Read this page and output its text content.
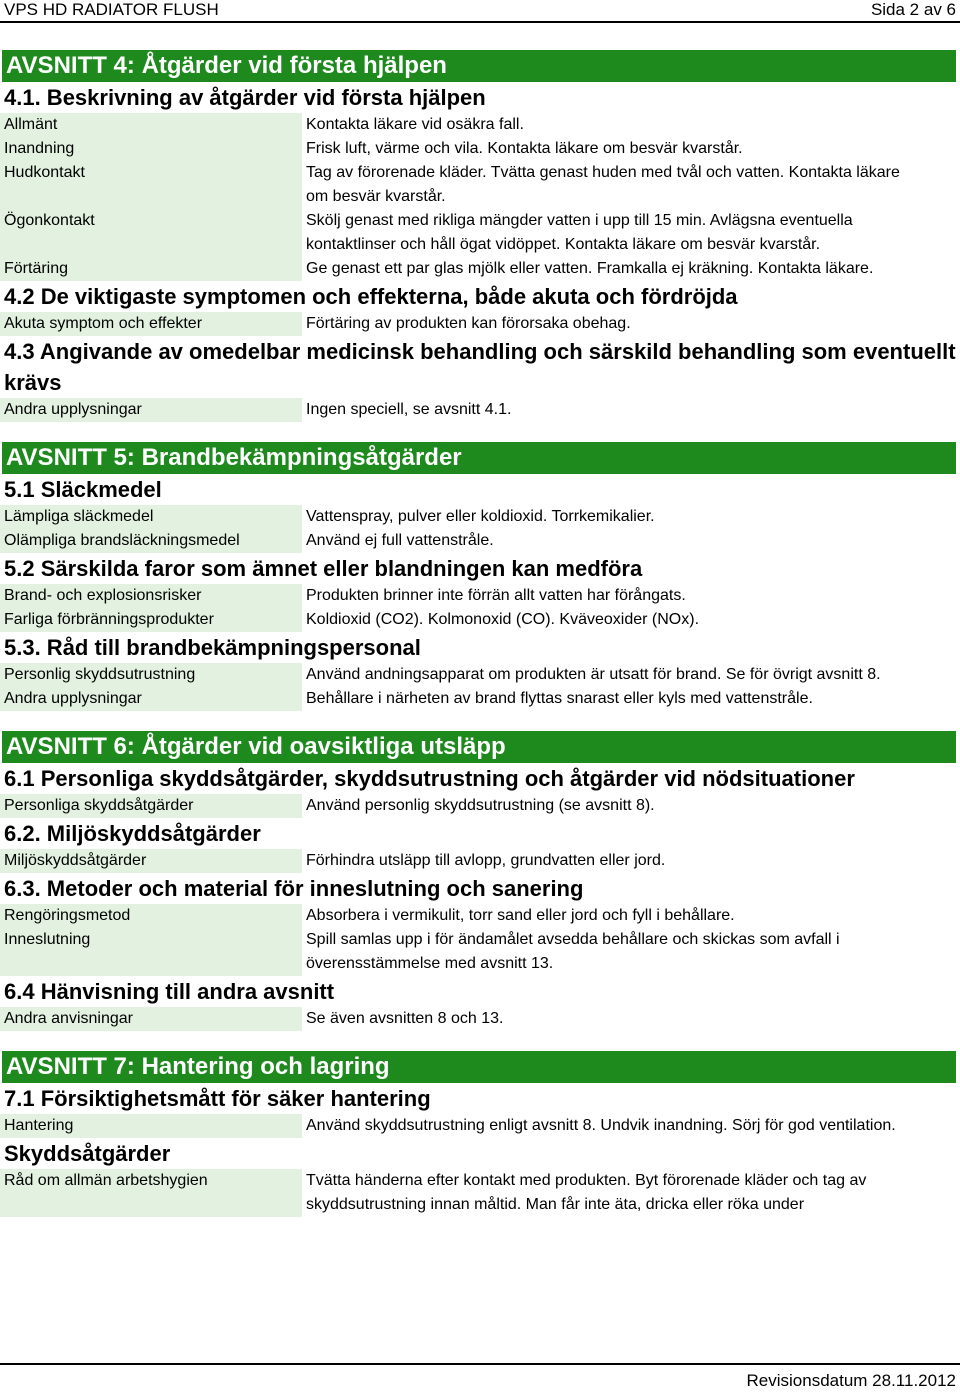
VPS HD RADIATOR FLUSH	Sida 2 av 6
AVSNITT 4: Åtgärder vid första hjälpen
4.1. Beskrivning av åtgärder vid första hjälpen
Allmänt	Kontakta läkare vid osäkra fall.
Inandning	Frisk luft, värme och vila. Kontakta läkare om besvär kvarstår.
Hudkontakt	Tag av förorenade kläder. Tvätta genast huden med tvål och vatten. Kontakta läkare om besvär kvarstår.
Ögonkontakt	Skölj genast med rikliga mängder vatten i upp till 15 min. Avlägsna eventuella kontaktlinser och håll ögat vidöppet. Kontakta läkare om besvär kvarstår.
Förtäring	Ge genast ett par glas mjölk eller vatten. Framkalla ej kräkning. Kontakta läkare.
4.2 De viktigaste symptomen och effekterna, både akuta och fördröjda
Akuta symptom och effekter	Förtäring av produkten kan förorsaka obehag.
4.3 Angivande av omedelbar medicinsk behandling och särskild behandling som eventuellt krävs
Andra upplysningar	Ingen speciell, se avsnitt 4.1.
AVSNITT 5: Brandbekämpningsåtgärder
5.1 Släckmedel
Lämpliga släckmedel	Vattenspray, pulver eller koldioxid. Torrkemikalier.
Olämpliga brandsläckningsmedel	Använd ej full vattenstråle.
5.2 Särskilda faror som ämnet eller blandningen kan medföra
Brand- och explosionsrisker	Produkten brinner inte förrän allt vatten har förångats.
Farliga förbränningsprodukter	Koldioxid (CO2). Kolmonoxid (CO). Kväveoxider (NOx).
5.3. Råd till brandbekämpningspersonal
Personlig skyddsutrustning	Använd andningsapparat om produkten är utsatt för brand. Se för övrigt avsnitt 8.
Andra upplysningar	Behållare i närheten av brand flyttas snarast eller kyls med vattenstråle.
AVSNITT 6: Åtgärder vid oavsiktliga utsläpp
6.1 Personliga skyddsåtgärder, skyddsutrustning och åtgärder vid nödsituationer
Personliga skyddsåtgärder	Använd personlig skyddsutrustning (se avsnitt 8).
6.2. Miljöskyddsåtgärder
Miljöskyddsåtgärder	Förhindra utsläpp till avlopp, grundvatten eller jord.
6.3. Metoder och material för inneslutning och sanering
Rengöringsmetod	Absorbera i vermikulit, torr sand eller jord och fyll i behållare.
Inneslutning	Spill samlas upp i för ändamålet avsedda behållare och skickas som avfall i överensstämmelse med avsnitt 13.
6.4 Hänvisning till andra avsnitt
Andra anvisningar	Se även avsnitten 8 och 13.
AVSNITT 7: Hantering och lagring
7.1 Försiktighetsmått för säker hantering
Hantering	Använd skyddsutrustning enligt avsnitt 8. Undvik inandning. Sörj för god ventilation.
Skyddsåtgärder
Råd om allmän arbetshygien	Tvätta händerna efter kontakt med produkten. Byt förorenade kläder och tag av skyddsutrustning innan måltid. Man får inte äta, dricka eller röka under
Revisionsdatum 28.11.2012
